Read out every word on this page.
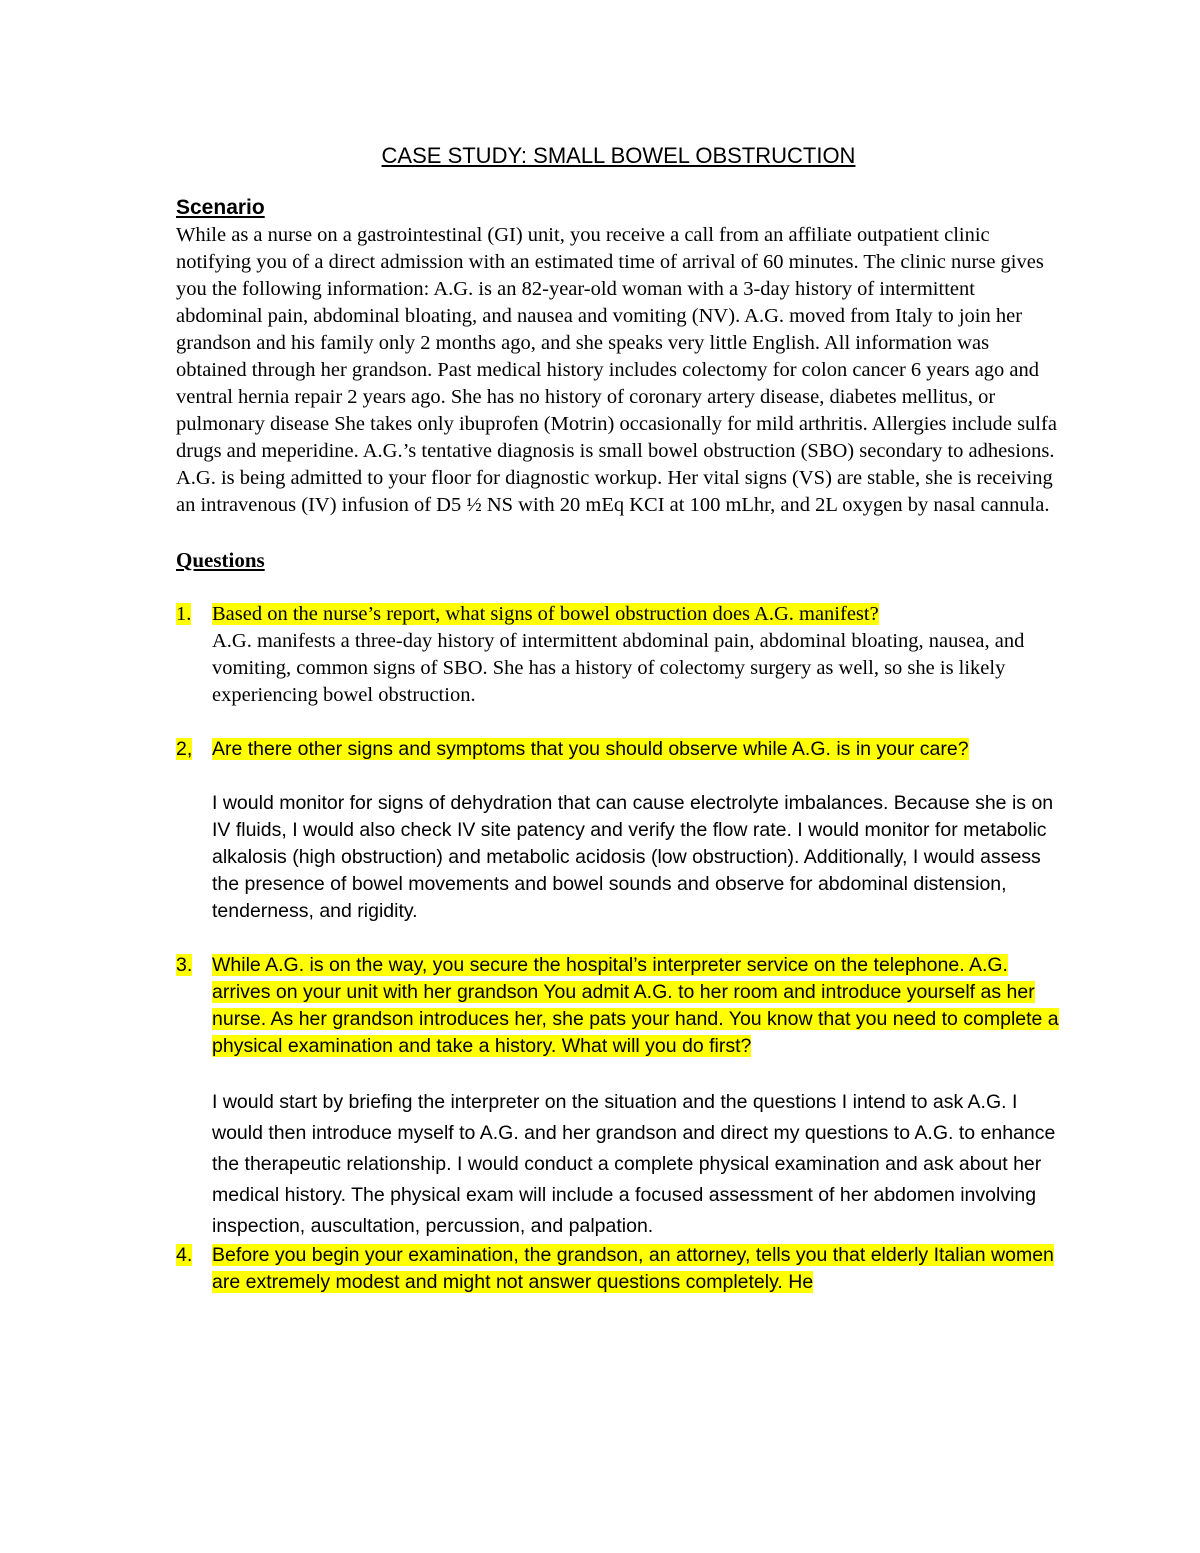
CASE STUDY: SMALL BOWEL OBSTRUCTION
Scenario

While as a nurse on a gastrointestinal (GI) unit, you receive a call from an affiliate outpatient clinic notifying you of a direct admission with an estimated time of arrival of 60 minutes. The clinic nurse gives you the following information: A.G. is an 82-year-old woman with a 3-day history of intermittent abdominal pain, abdominal bloating, and nausea and vomiting (NV). A.G. moved from Italy to join her grandson and his family only 2 months ago, and she speaks very little English. All information was obtained through her grandson. Past medical history includes colectomy for colon cancer 6 years ago and ventral hernia repair 2 years ago. She has no history of coronary artery disease, diabetes mellitus, or pulmonary disease She takes only ibuprofen (Motrin) occasionally for mild arthritis. Allergies include sulfa drugs and meperidine. A.G.’s tentative diagnosis is small bowel obstruction (SBO) secondary to adhesions. A.G. is being admitted to your floor for diagnostic workup. Her vital signs (VS) are stable, she is receiving an intravenous (IV) infusion of D5 ½ NS with 20 mEq KCI at 100 mLhr, and 2L oxygen by nasal cannula.

Questions
1.	Based on the nurse’s report, what signs of bowel obstruction does A.G. manifest?
A.G. manifests a three-day history of intermittent abdominal pain, abdominal bloating, nausea, and vomiting, common signs of SBO. She has a history of colectomy surgery as well, so she is likely experiencing bowel obstruction.
2,	Are there other signs and symptoms that you should observe while A.G. is in your care?
I would monitor for signs of dehydration that can cause electrolyte imbalances. Because she is on IV fluids, I would also check IV site patency and verify the flow rate. I would monitor for metabolic alkalosis (high obstruction) and metabolic acidosis (low obstruction). Additionally, I would assess the presence of bowel movements and bowel sounds and observe for abdominal distension, tenderness, and rigidity.
3.	While A.G. is on the way, you secure the hospital’s interpreter service on the telephone. A.G. arrives on your unit with her grandson You admit A.G. to her room and introduce yourself as her nurse. As her grandson introduces her, she pats your hand. You know that you need to complete a physical examination and take a history. What will you do first?
I would start by briefing the interpreter on the situation and the questions I intend to ask A.G. I would then introduce myself to A.G. and her grandson and direct my questions to A.G. to enhance the therapeutic relationship. I would conduct a complete physical examination and ask about her medical history. The physical exam will include a focused assessment of her abdomen involving inspection, auscultation, percussion, and palpation.
4.	Before you begin your examination, the grandson, an attorney, tells you that elderly Italian women are extremely modest and might not answer questions completely. He
